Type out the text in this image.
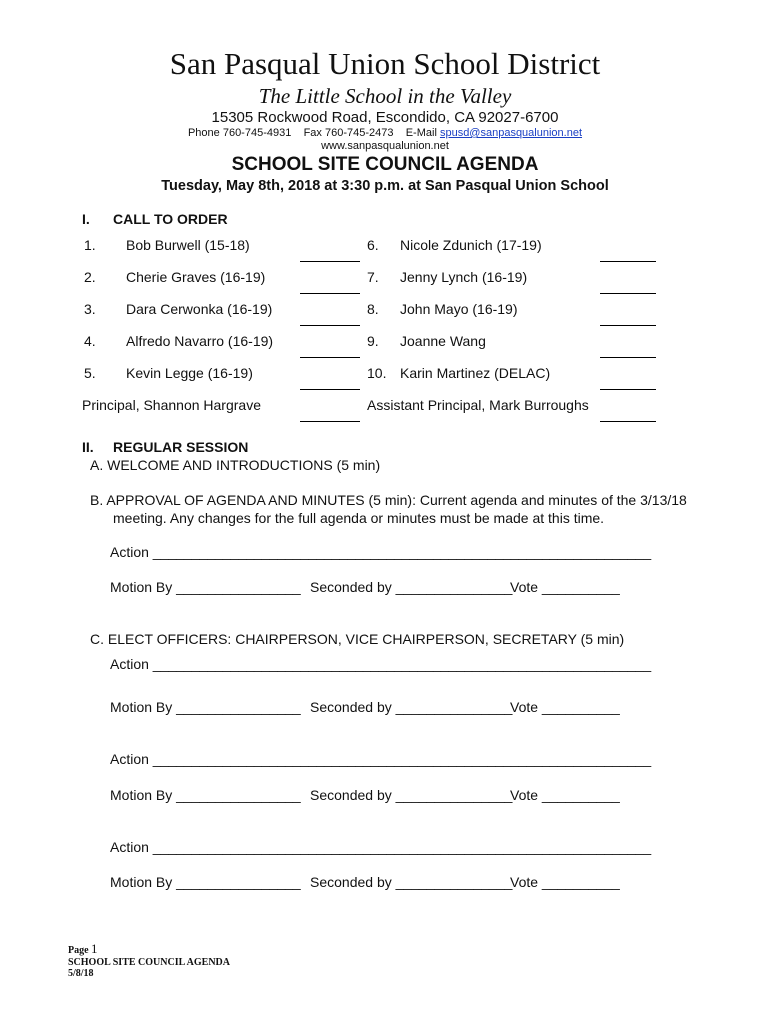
San Pasqual Union School District
The Little School in the Valley
15305 Rockwood Road, Escondido, CA 92027-6700
Phone 760-745-4931 Fax 760-745-2473 E-Mail spusd@sanpasqualunion.net
www.sanpasqualunion.net
SCHOOL SITE COUNCIL AGENDA
Tuesday, May 8th, 2018 at 3:30 p.m. at San Pasqual Union School
I. CALL TO ORDER
1. Bob Burwell (15-18)
2. Cherie Graves (16-19)
3. Dara Cerwonka (16-19)
4. Alfredo Navarro (16-19)
5. Kevin Legge (16-19)
Principal, Shannon Hargrave
6. Nicole Zdunich (17-19)
7. Jenny Lynch (16-19)
8. John Mayo (16-19)
9. Joanne Wang
10. Karin Martinez (DELAC)
Assistant Principal, Mark Burroughs
II. REGULAR SESSION
A. WELCOME AND INTRODUCTIONS (5 min)
B. APPROVAL OF AGENDA AND MINUTES (5 min): Current agenda and minutes of the 3/13/18
meeting. Any changes for the full agenda or minutes must be made at this time.
Action ________________________________________________________________
Motion By ________________ Seconded by _______________
Vote __________
C. ELECT OFFICERS: CHAIRPERSON, VICE CHAIRPERSON, SECRETARY (5 min)
Action ________________________________________________________________
Motion By ________________ Seconded by _______________
Vote __________
Action ________________________________________________________________
Motion By ________________ Seconded by _______________
Vote __________
Action ________________________________________________________________
Motion By ________________ Seconded by _______________
Vote __________
Page 1
SCHOOL SITE COUNCIL AGENDA
5/8/18
